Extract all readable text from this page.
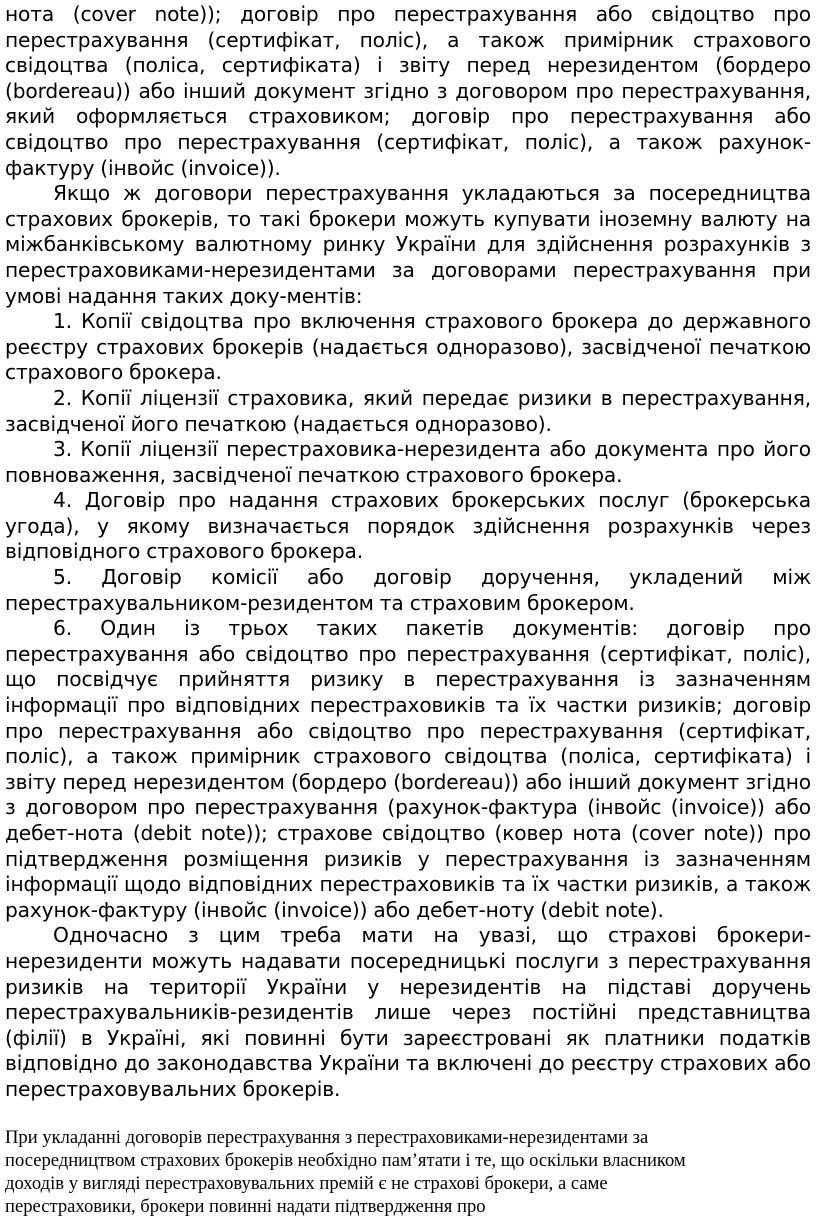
нота (cover note)); договір про перестрахування або свідоцтво про перестрахування (сертифікат, поліс), а також примірник страхового свідоцтва (поліса, сертифіката) і звіту перед нерезидентом (бордеро (bordereau)) або інший документ згідно з договором про перестрахування, який оформляється страховиком; договір про перестрахування або свідоцтво про перестрахування (сертифікат, поліс), а також рахунок-фактуру (інвойс (invoice)).

Якщо ж договори перестрахування укладаються за посередництва страхових брокерів, то такі брокери можуть купувати іноземну валюту на міжбанківському валютному ринку України для здійснення розрахунків з перестраховиками-нерезидентами за договорами перестрахування при умові надання таких доку-ментів:

1. Копії свідоцтва про включення страхового брокера до державного реєстру страхових брокерів (надається одноразово), засвідченої печаткою страхового брокера.

2. Копії ліцензії страховика, який передає ризики в перестрахування, засвідченої його печаткою (надається одноразово).

3. Копії ліцензії перестраховика-нерезидента або документа про його повноваження, засвідченої печаткою страхового брокера.

4. Договір про надання страхових брокерських послуг (брокерська угода), у якому визначається порядок здійснення розрахунків через відповідного страхового брокера.

5. Договір комісії або договір доручення, укладений між перестрахувальником-резидентом та страховим брокером.

6. Один із трьох таких пакетів документів: договір про перестрахування або свідоцтво про перестрахування (сертифікат, поліс), що посвідчує прийняття ризику в перестрахування із зазначенням інформації про відповідних перестраховиків та їх частки ризиків; договір про перестрахування або свідоцтво про перестрахування (сертифікат, поліс), а також примірник страхового свідоцтва (поліса, сертифіката) і звіту перед нерезидентом (бордеро (bordereau)) або інший документ згідно з договором про перестрахування (рахунок-фактура (інвойс (invoice)) або дебет-нота (debit note)); страхове свідоцтво (ковер нота (cover note)) про підтвердження розміщення ризиків у перестрахування із зазначенням інформації щодо відповідних перестраховиків та їх частки ризиків, а також рахунок-фактуру (інвойс (invoice)) або дебет-ноту (debit note).

Одночасно з цим треба мати на увазі, що страхові брокери-нерезиденти можуть надавати посередницькі послуги з перестрахування ризиків на території України у нерезидентів на підставі доручень перестрахувальників-резидентів лише через постійні представництва (філії) в Україні, які повинні бути зареєстровані як платники податків відповідно до законодавства України та включені до реєстру страхових або перестраховувальних брокерів.

При укладанні договорів перестрахування з перестраховиками-нерезидентами за

посередництвом страхових брокерів необхідно пам’ятати і те, що оскільки власником

доходів у вигляді перестраховувальних премій є не страхові брокери, а саме

перестраховики, брокери повинні надати підтвердження про
